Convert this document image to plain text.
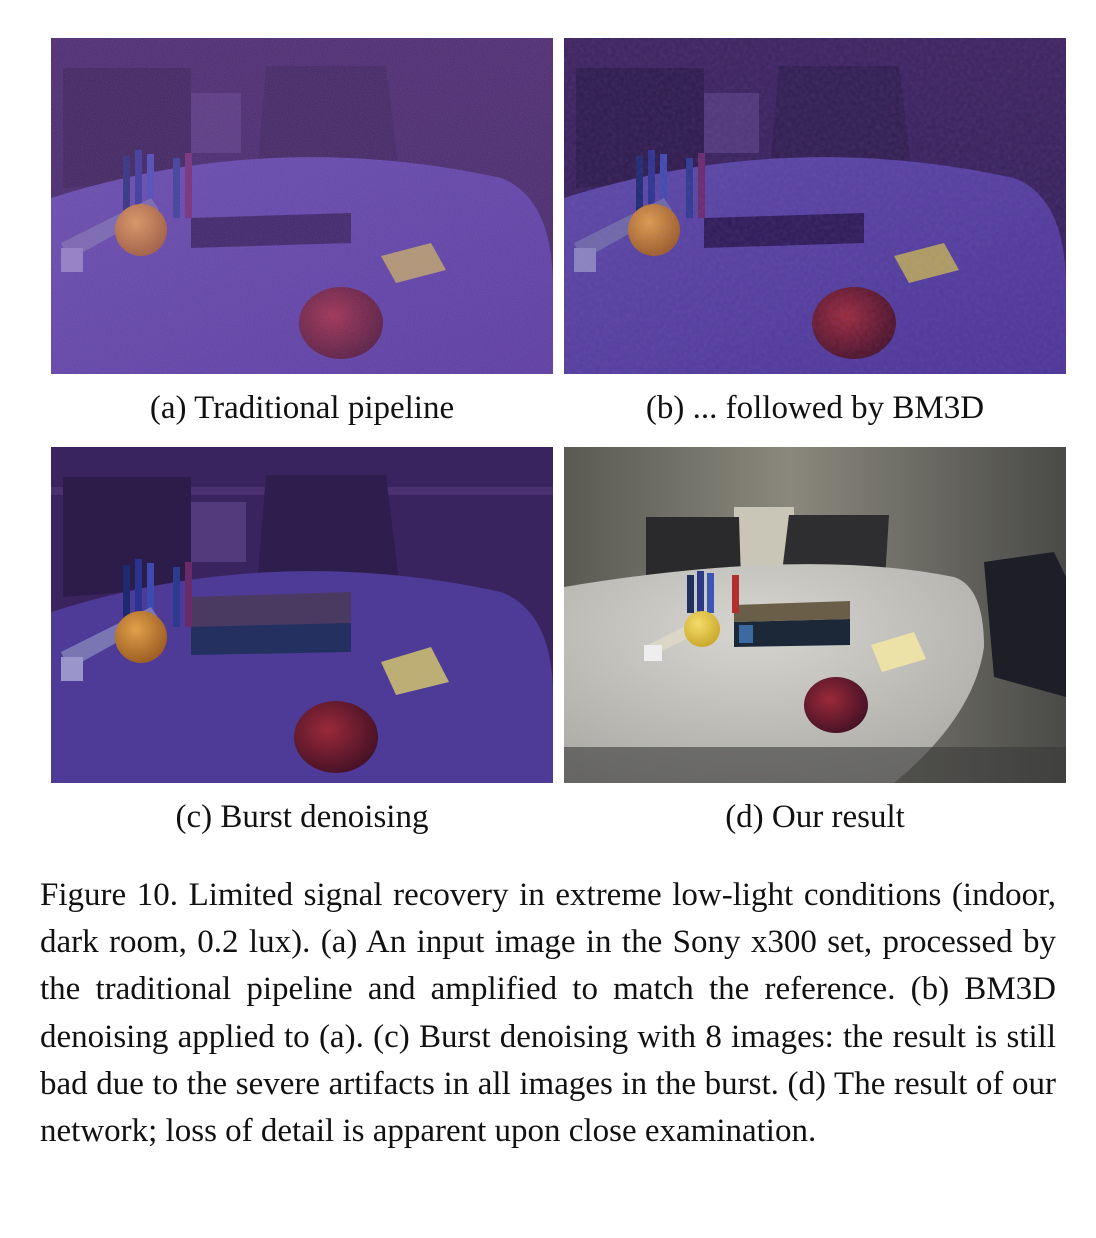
(a) Traditional pipeline	(b) ... followed by BM3D
(c) Burst denoising	(d) Our result
Figure 10. Limited signal recovery in extreme low-light conditions (indoor, dark room, 0.2 lux). (a) An input image in the Sony x300 set, processed by the traditional pipeline and amplified to match the reference. (b) BM3D denoising applied to (a). (c) Burst denoising with 8 images: the result is still bad due to the severe artifacts in all images in the burst. (d) The result of our network; loss of detail is apparent upon close examination.
